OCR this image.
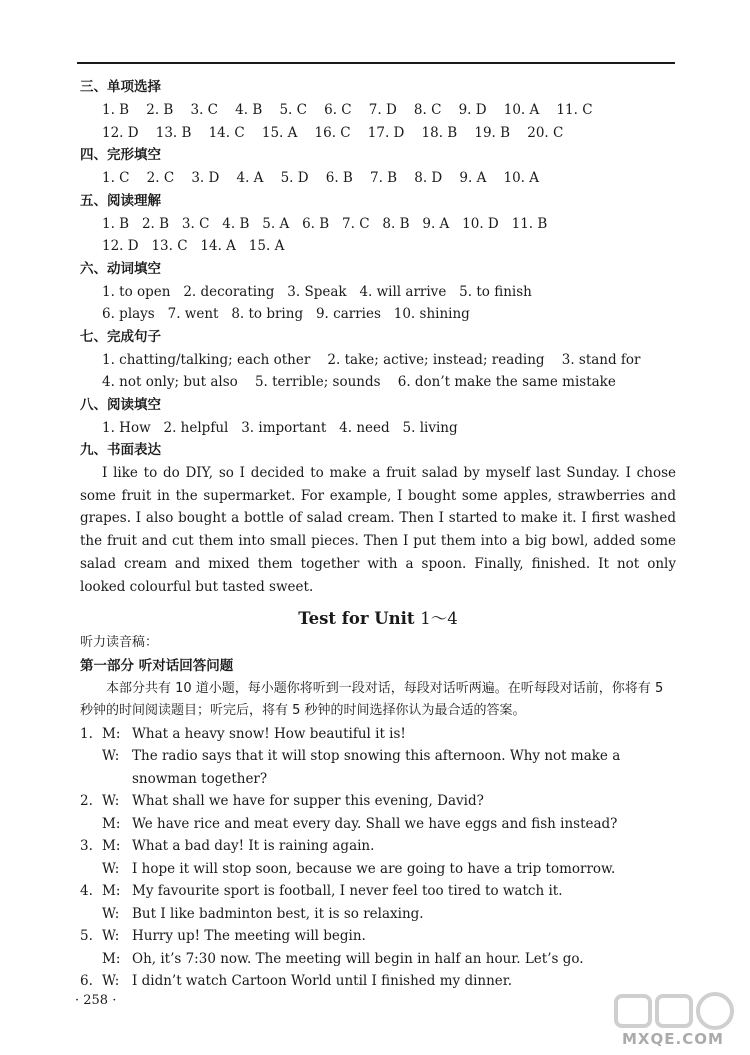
三、单项选择
1. B    2. B    3. C    4. B    5. C    6. C    7. D    8. C    9. D    10. A    11. C
12. D    13. B    14. C    15. A    16. C    17. D    18. B    19. B    20. C
四、完形填空
1. C    2. C    3. D    4. A    5. D    6. B    7. B    8. D    9. A    10. A
五、阅读理解
1. B   2. B   3. C   4. B   5. A   6. B   7. C   8. B   9. A   10. D   11. B
12. D   13. C   14. A   15. A
六、动词填空
1. to open   2. decorating   3. Speak   4. will arrive   5. to finish
6. plays   7. went   8. to bring   9. carries   10. shining
七、完成句子
1. chatting/talking; each other    2. take; active; instead; reading    3. stand for
4. not only; but also    5. terrible; sounds    6. don’t make the same mistake
八、阅读填空
1. How   2. helpful   3. important   4. need   5. living
九、书面表达

I like to do DIY, so I decided to make a fruit salad by myself last Sunday. I chose some fruit in the supermarket. For example, I bought some apples, strawberries and grapes. I also bought a bottle of salad cream. Then I started to make it. I first washed the fruit and cut them into small pieces. Then I put them into a big bowl, added some salad cream and mixed them together with a spoon. Finally, finished. It not only looked colourful but tasted sweet.

Test for Unit 1～4
听力读音稿：
第一部分 听对话回答问题

本部分共有 10 道小题，每小题你将听到一段对话，每段对话听两遍。在听每段对话前，你将有 5 秒钟的时间阅读题目；听完后，将有 5 秒钟的时间选择你认为最合适的答案。

1. M: What a heavy snow! How beautiful it is!
W: The radio says that it will stop snowing this afternoon. Why not make a snowman together?
2. W: What shall we have for supper this evening, David?
M: We have rice and meat every day. Shall we have eggs and fish instead?
3. M: What a bad day! It is raining again.
W: I hope it will stop soon, because we are going to have a trip tomorrow.
4. M: My favourite sport is football, I never feel too tired to watch it.
W: But I like badminton best, it is so relaxing.
5. W: Hurry up! The meeting will begin.
M: Oh, it’s 7:30 now. The meeting will begin in half an hour. Let’s go.
6. W: I didn’t watch Cartoon World until I finished my dinner.
· 258 ·
MXQE.COM
